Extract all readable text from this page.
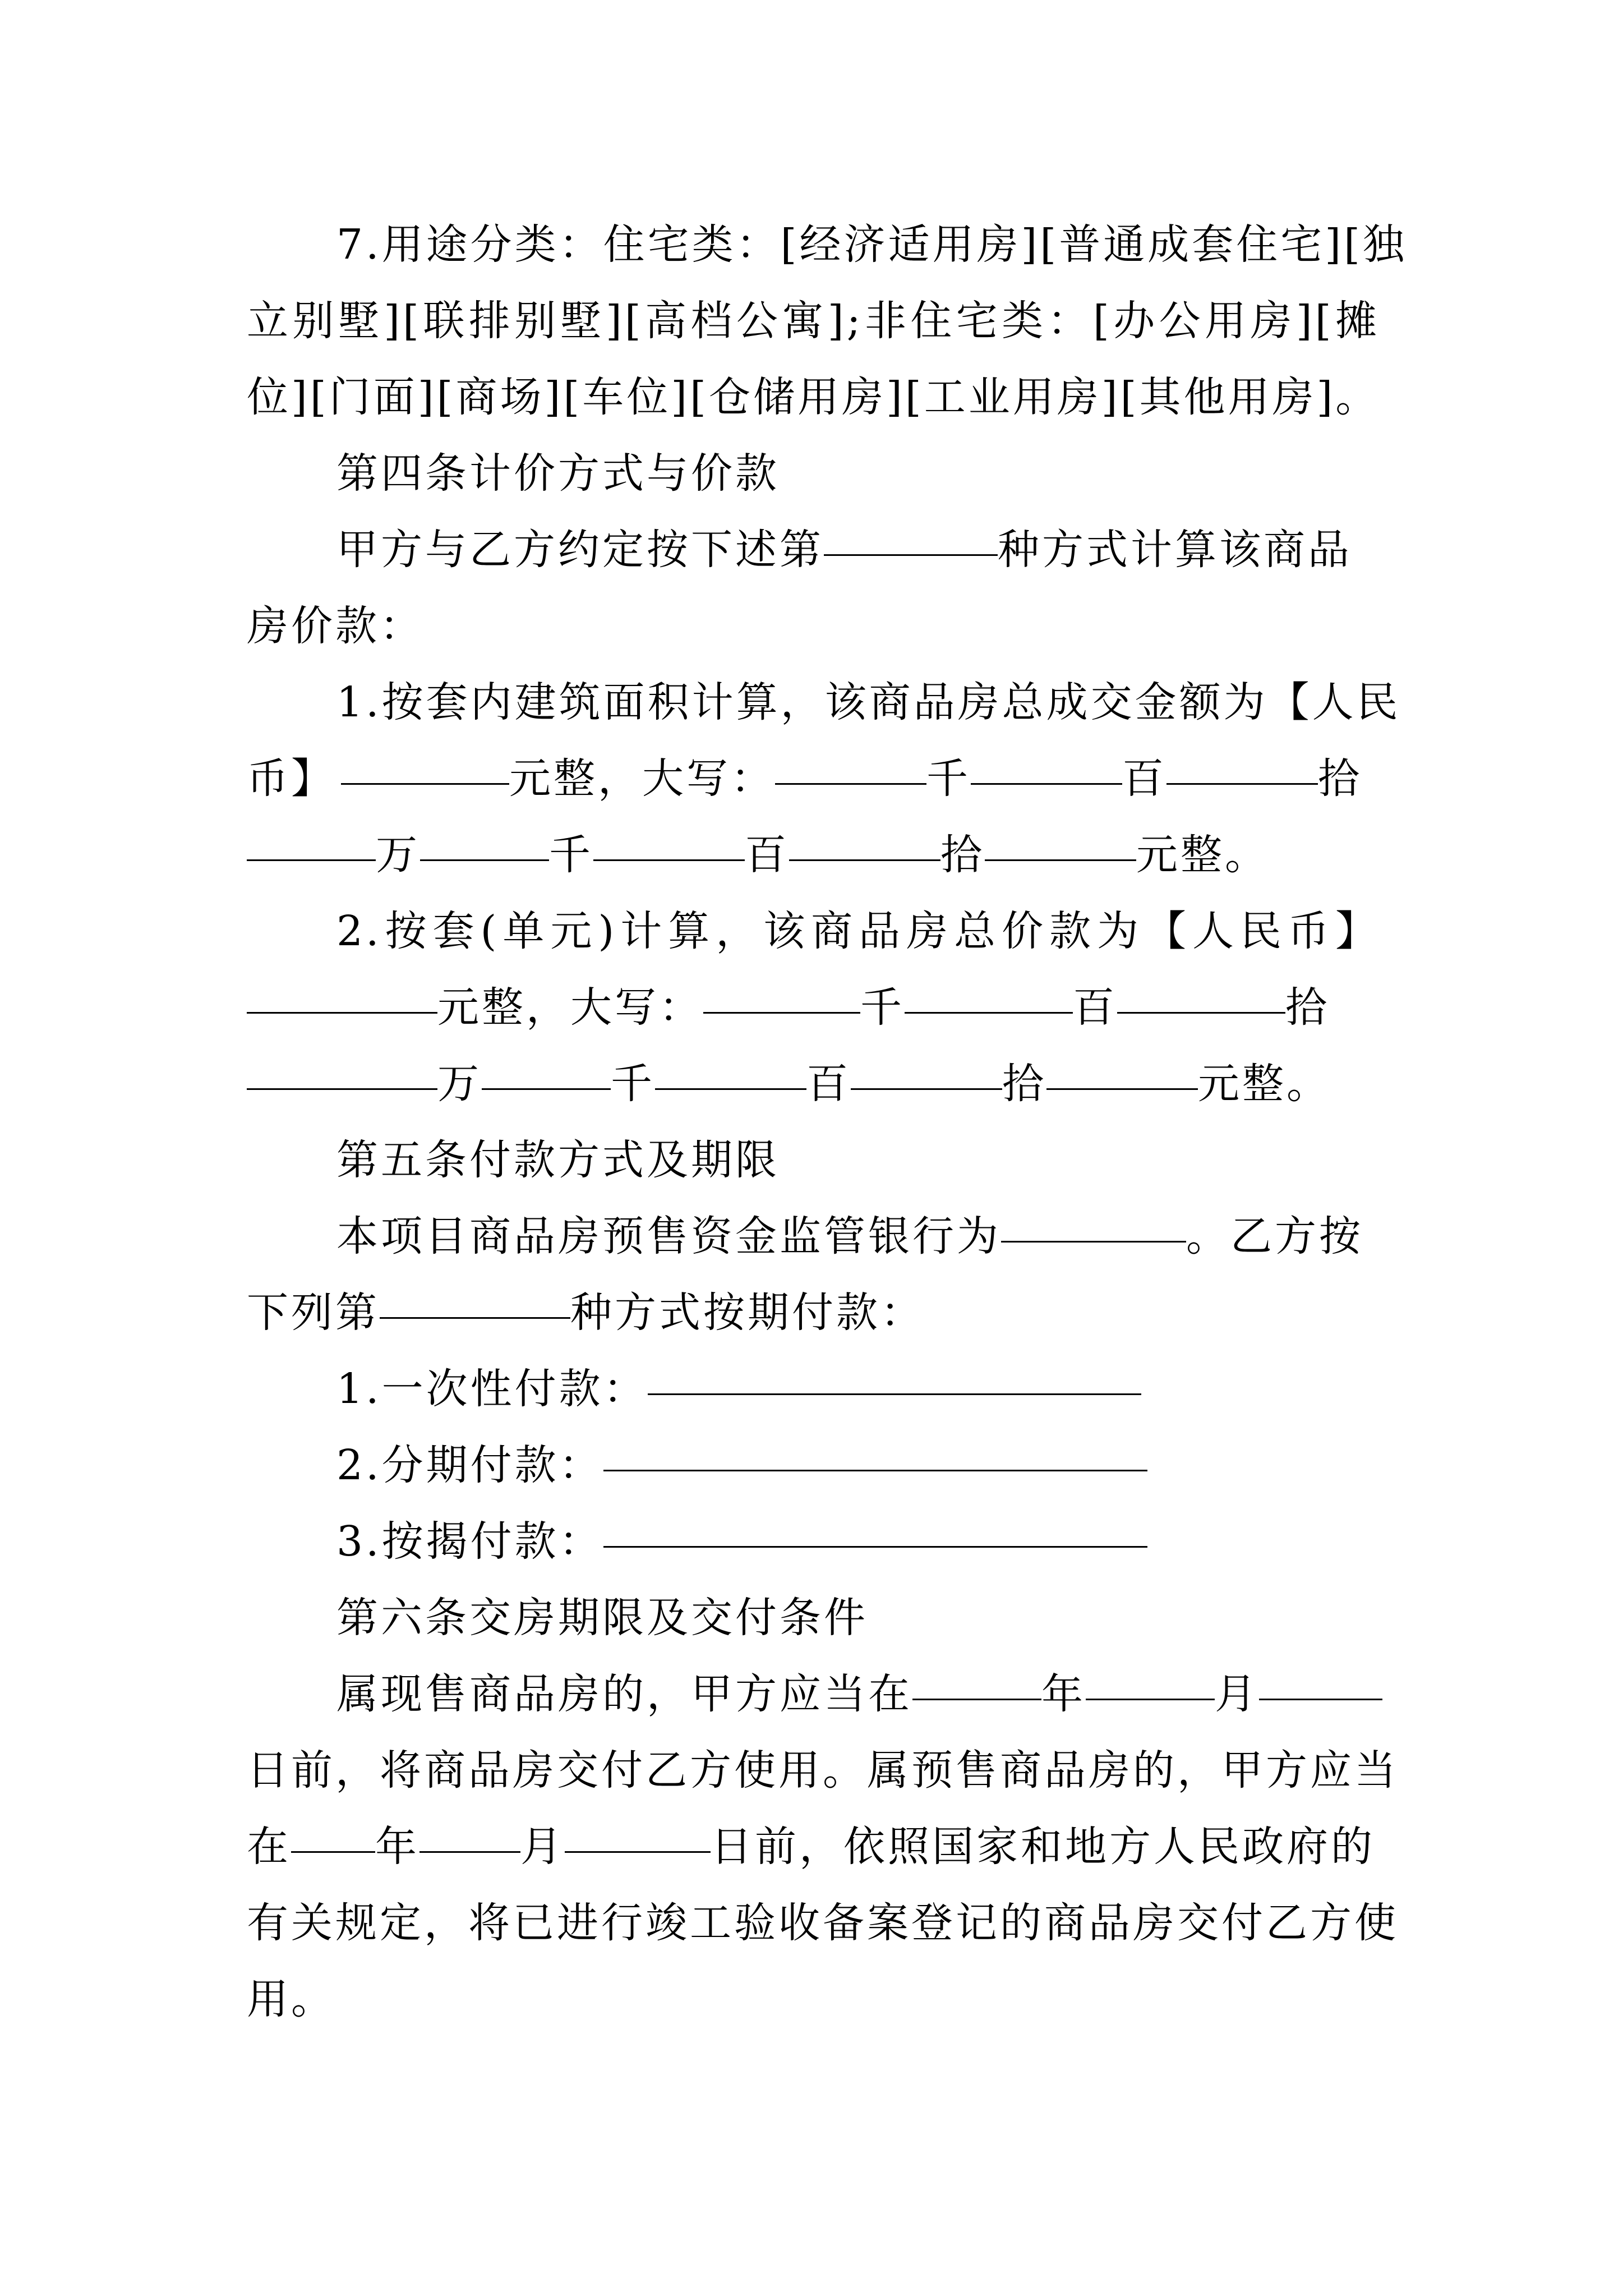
7.用途分类：住宅类：[经济适用房][普通成套住宅][独
立别墅][联排别墅][高档公寓];非住宅类：[办公用房][摊
位][门面][商场][车位][仓储用房][工业用房][其他用房]。
第四条计价方式与价款
甲方与乙方约定按下述第	种方式计算该商品
房价款：
1.按套内建筑面积计算，该商品房总成交金额为【人民
币】	元整，大写：	千	百	拾
万	千	百	拾	元整。
2.按套(单元)计算，该商品房总价款为【人民币】
元整，大写：	千	百	拾
万	千	百	拾	元整。
第五条付款方式及期限
本项目商品房预售资金监管银行为	。乙方按
下列第	种方式按期付款：
1.一次性付款：
2.分期付款：
3.按揭付款：
第六条交房期限及交付条件
属现售商品房的，甲方应当在	年	月
日前，将商品房交付乙方使用。属预售商品房的，甲方应当
在 年 月	日前，依照国家和地方人民政府的
有关规定，将已进行竣工验收备案登记的商品房交付乙方使
用。
